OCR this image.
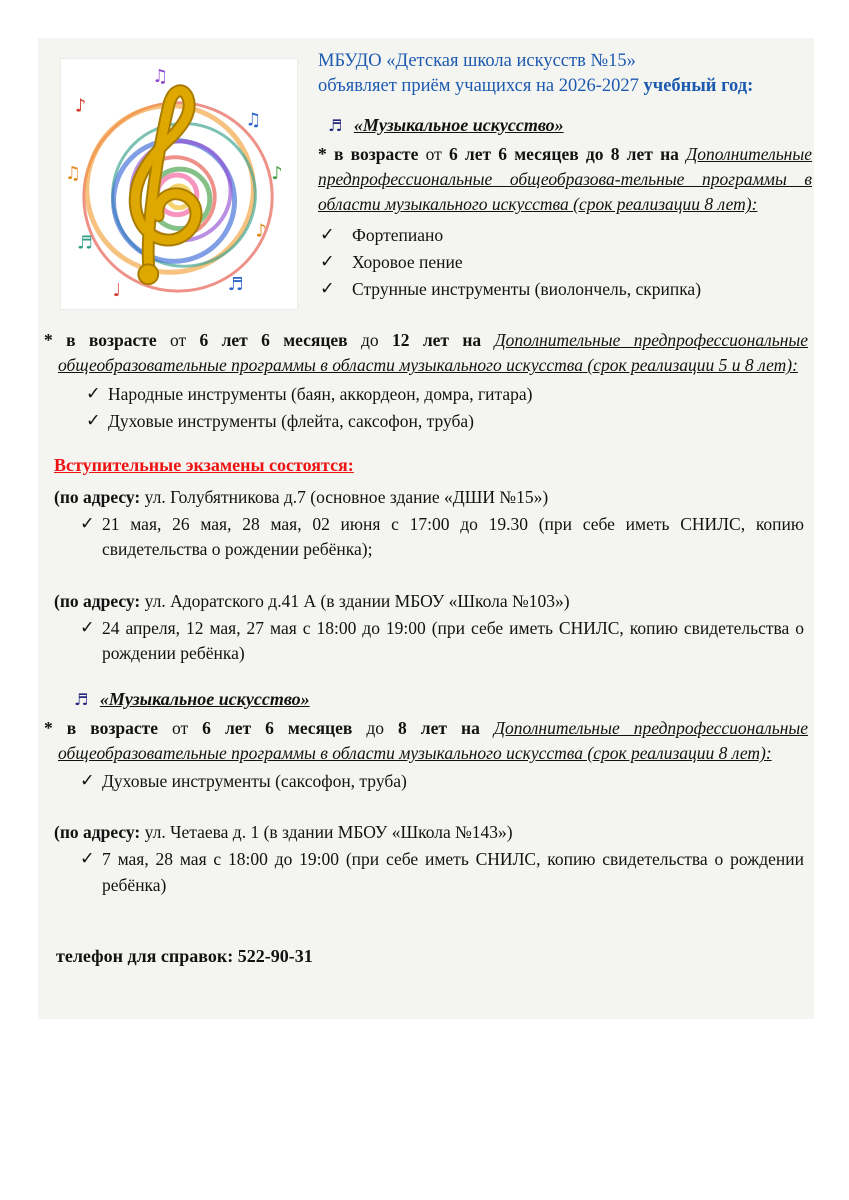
♪
♫
♬
♪
♫
♩	♬
♪
♫

МБУДО «Детская школа искусств №15»

объявляет приём учащихся на 2026-2027 учебный год:

♬ «Музыкальное искусство»

* в возрасте от 6 лет 6 месяцев до 8 лет на Дополнительные предпрофессиональные общеобразова-тельные программы в области музыкального искусства (срок реализации 8 лет):

✓ Фортепиано
✓ Хоровое пение
✓ Струнные инструменты (виолончель, скрипка)

* в возрасте от 6 лет 6 месяцев до 12 лет на Дополнительные предпрофессиональные общеобразовательные программы в области музыкального искусства (срок реализации 5 и 8 лет):

✓ Народные инструменты (баян, аккордеон, домра, гитара)
✓ Духовые инструменты (флейта, саксофон, труба)

Вступительные экзамены состоятся:

(по адресу: ул. Голубятникова д.7 (основное здание «ДШИ №15»)

✓ 21 мая, 26 мая, 28 мая, 02 июня с 17:00 до 19.30 (при себе иметь СНИЛС, копию свидетельства о рождении ребёнка);

(по адресу: ул. Адоратского д.41 А (в здании МБОУ «Школа №103»)

✓ 24 апреля, 12 мая, 27 мая с 18:00 до 19:00 (при себе иметь СНИЛС, копию свидетельства о рождении ребёнка)

♬ «Музыкальное искусство»

* в возрасте от 6 лет 6 месяцев до 8 лет на Дополнительные предпрофессиональные общеобразовательные программы в области музыкального искусства (срок реализации 8 лет):

✓ Духовые инструменты (саксофон, труба)

(по адресу: ул. Четаева д. 1 (в здании МБОУ «Школа №143»)

✓ 7 мая, 28 мая с 18:00 до 19:00 (при себе иметь СНИЛС, копию свидетельства о рождении ребёнка)

телефон для справок: 522-90-31
